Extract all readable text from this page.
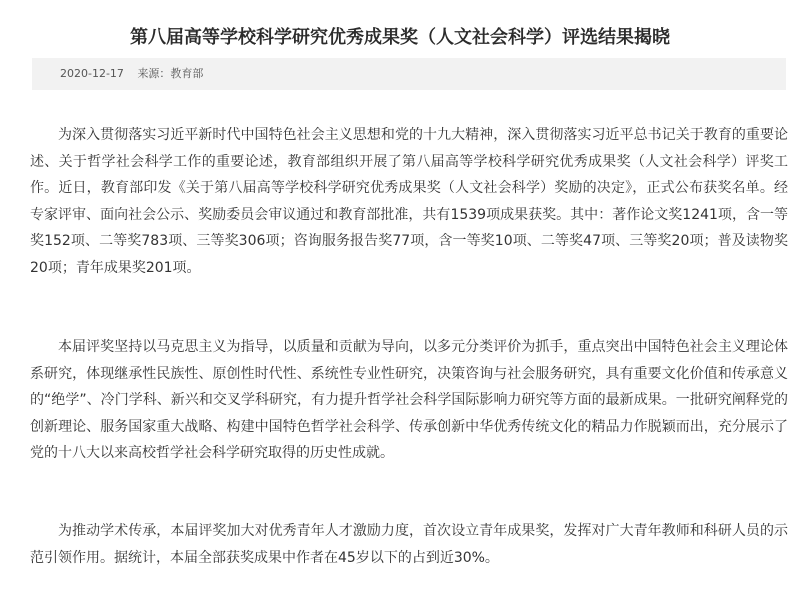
第八届高等学校科学研究优秀成果奖（人文社会科学）评选结果揭晓
2020-12-17 来源：教育部

为深入贯彻落实习近平新时代中国特色社会主义思想和党的十九大精神，深入贯彻落实习近平总书记关于教育的重要论述、关于哲学社会科学工作的重要论述，教育部组织开展了第八届高等学校科学研究优秀成果奖（人文社会科学）评奖工作。近日，教育部印发《关于第八届高等学校科学研究优秀成果奖（人文社会科学）奖励的决定》，正式公布获奖名单。经专家评审、面向社会公示、奖励委员会审议通过和教育部批准，共有1539项成果获奖。其中：著作论文奖1241项，含一等奖152项、二等奖783项、三等奖306项；咨询服务报告奖77项，含一等奖10项、二等奖47项、三等奖20项；普及读物奖20项；青年成果奖201项。

本届评奖坚持以马克思主义为指导，以质量和贡献为导向，以多元分类评价为抓手，重点突出中国特色社会主义理论体系研究，体现继承性民族性、原创性时代性、系统性专业性研究，决策咨询与社会服务研究，具有重要文化价值和传承意义的“绝学”、冷门学科、新兴和交叉学科研究，有力提升哲学社会科学国际影响力研究等方面的最新成果。一批研究阐释党的创新理论、服务国家重大战略、构建中国特色哲学社会科学、传承创新中华优秀传统文化的精品力作脱颖而出，充分展示了党的十八大以来高校哲学社会科学研究取得的历史性成就。

为推动学术传承，本届评奖加大对优秀青年人才激励力度，首次设立青年成果奖，发挥对广大青年教师和科研人员的示范引领作用。据统计，本届全部获奖成果中作者在45岁以下的占到近30%。
